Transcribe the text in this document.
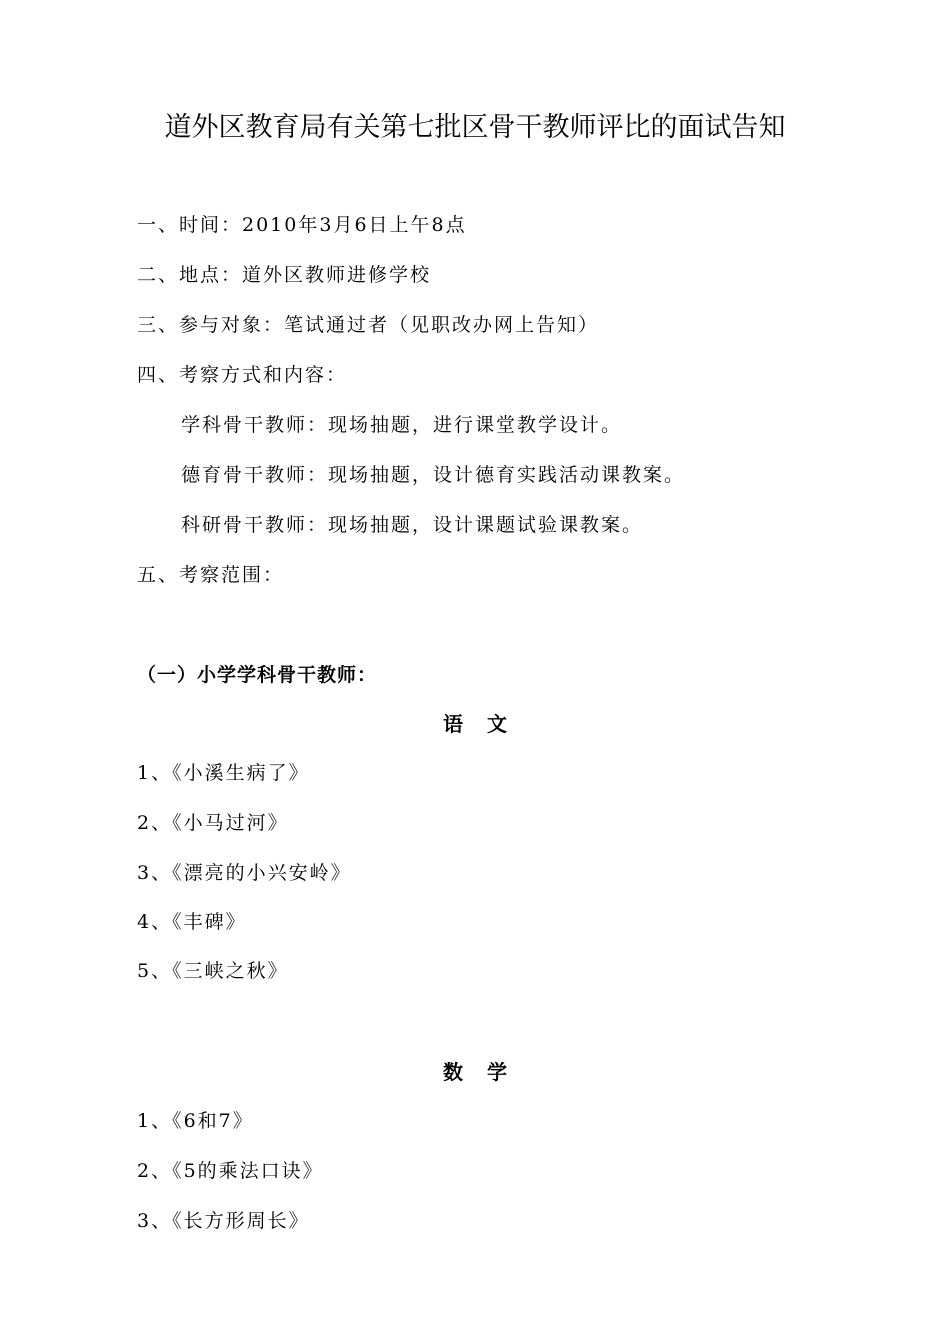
道外区教育局有关第七批区骨干教师评比的面试告知
一、时间：2010年3月6日上午8点
二、地点：道外区教师进修学校
三、参与对象：笔试通过者（见职改办网上告知）
四、考察方式和内容：
学科骨干教师：现场抽题，进行课堂教学设计。
德育骨干教师：现场抽题，设计德育实践活动课教案。
科研骨干教师：现场抽题，设计课题试验课教案。
五、考察范围：
（一）小学学科骨干教师：
语文
1、《小溪生病了》
2、《小马过河》
3、《漂亮的小兴安岭》
4、《丰碑》
5、《三峡之秋》
数学
1、《6和7》
2、《5的乘法口诀》
3、《长方形周长》
